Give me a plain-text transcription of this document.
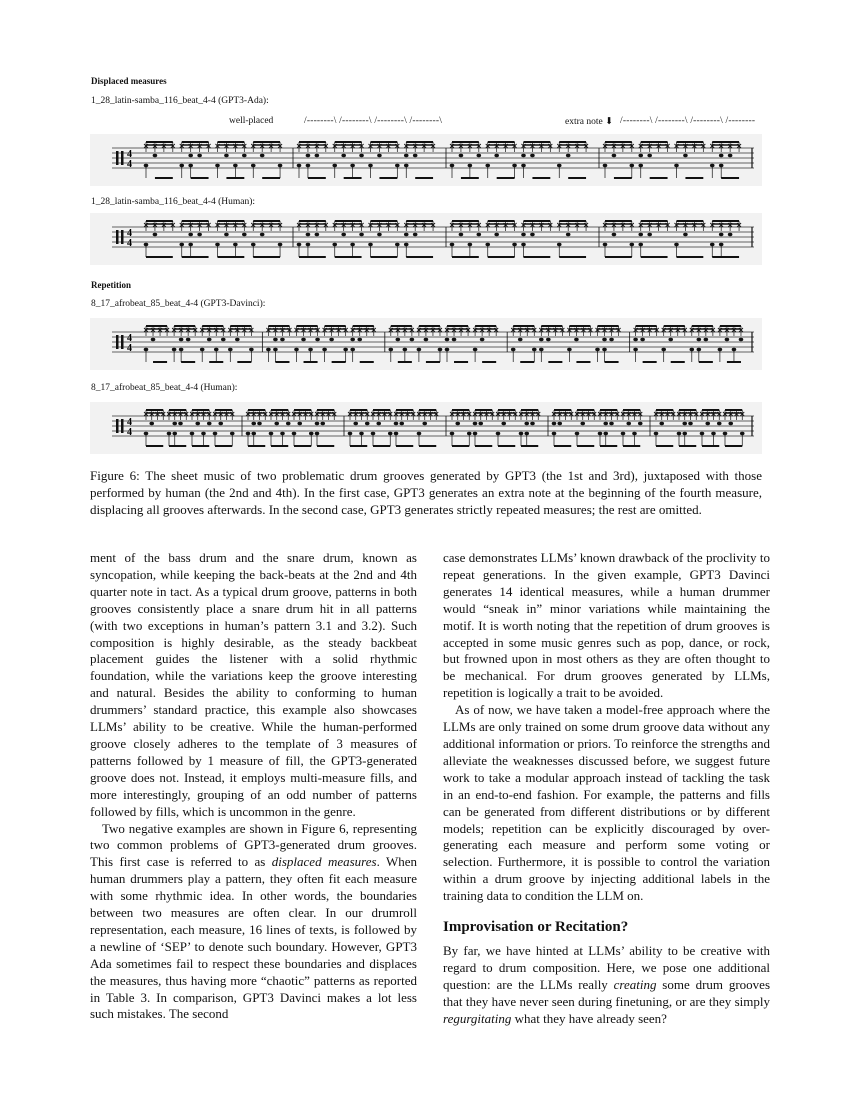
Displaced measures
1_28_latin-samba_116_beat_4-4 (GPT3-Ada):
well-placed	/--------\ /--------\ /--------\ /--------\	extra note ⬇ /--------\ /--------\ /--------\ /--------
4
4
1_28_latin-samba_116_beat_4-4 (Human):
4
4
Repetition
8_17_afrobeat_85_beat_4-4 (GPT3-Davinci):
4
4
8_17_afrobeat_85_beat_4-4 (Human):
4
4
Figure 6: The sheet music of two problematic drum grooves generated by GPT3 (the 1st and 3rd), juxtaposed with those performed by human (the 2nd and 4th). In the first case, GPT3 generates an extra note at the beginning of the fourth measure, displacing all grooves afterwards. In the second case, GPT3 generates strictly repeated measures; the rest are omitted.

ment of the bass drum and the snare drum, known as syncopation, while keeping the back-beats at the 2nd and 4th quarter note in tact. As a typical drum groove, patterns in both grooves consistently place a snare drum hit in all patterns (with two exceptions in human’s pattern 3.1 and 3.2). Such composition is highly desirable, as the steady backbeat placement guides the listener with a solid rhythmic foundation, while the variations keep the groove interesting and natural. Besides the ability to conforming to human drummers’ standard practice, this example also showcases LLMs’ ability to be creative. While the human-performed groove closely adheres to the template of 3 measures of patterns followed by 1 measure of fill, the GPT3-generated groove does not. Instead, it employs multi-measure fills, and more interestingly, grouping of an odd number of patterns followed by fills, which is uncommon in the genre.

Two negative examples are shown in Figure 6, representing two common problems of GPT3-generated drum grooves. This first case is referred to as displaced measures. When human drummers play a pattern, they often fit each measure with some rhythmic idea. In other words, the boundaries between two measures are often clear. In our drumroll representation, each measure, 16 lines of texts, is followed by a newline of ‘SEP’ to denote such boundary. However, GPT3 Ada sometimes fail to respect these boundaries and displaces the measures, thus having more “chaotic” patterns as reported in Table 3. In comparison, GPT3 Davinci makes a lot less such mistakes. The second

case demonstrates LLMs’ known drawback of the proclivity to repeat generations. In the given example, GPT3 Davinci generates 14 identical measures, while a human drummer would “sneak in” minor variations while maintaining the motif. It is worth noting that the repetition of drum grooves is accepted in some music genres such as pop, dance, or rock, but frowned upon in most others as they are often thought to be mechanical. For drum grooves generated by LLMs, repetition is logically a trait to be avoided.

As of now, we have taken a model-free approach where the LLMs are only trained on some drum groove data without any additional information or priors. To reinforce the strengths and alleviate the weaknesses discussed before, we suggest future work to take a modular approach instead of tackling the task in an end-to-end fashion. For example, the patterns and fills can be generated from different distributions or by different models; repetition can be explicitly discouraged by over-generating each measure and perform some voting or selection. Furthermore, it is possible to control the variation within a drum groove by injecting additional labels in the training data to condition the LLM on.

Improvisation or Recitation?

By far, we have hinted at LLMs’ ability to be creative with regard to drum composition. Here, we pose one additional question: are the LLMs really creating some drum grooves that they have never seen during finetuning, or are they simply regurgitating what they have already seen?
